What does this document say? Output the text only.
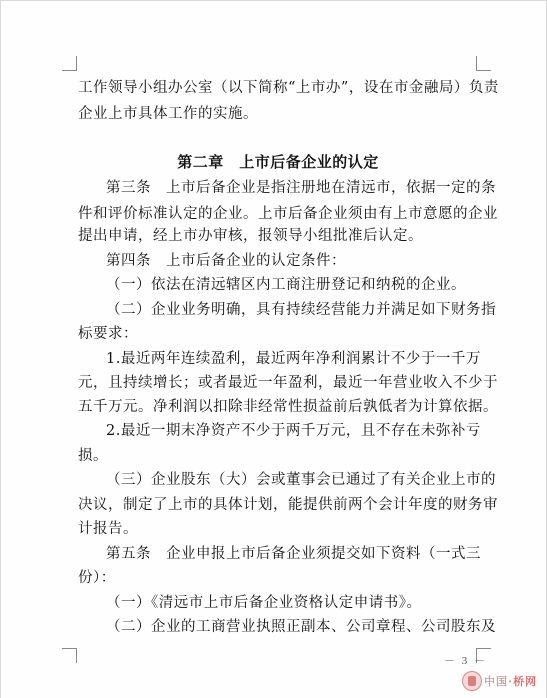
工作领导小组办公室（以下简称“上市办”，设在市金融局）负责
企业上市具体工作的实施。
第二章　上市后备企业的认定
第三条　上市后备企业是指注册地在清远市，依据一定的条
件和评价标准认定的企业。上市后备企业须由有上市意愿的企业
提出申请，经上市办审核，报领导小组批准后认定。
第四条　上市后备企业的认定条件：
（一）依法在清远辖区内工商注册登记和纳税的企业。
（二）企业业务明确，具有持续经营能力并满足如下财务指
标要求：
1.最近两年连续盈利，最近两年净利润累计不少于一千万
元，且持续增长；或者最近一年盈利，最近一年营业收入不少于
五千万元。净利润以扣除非经常性损益前后孰低者为计算依据。
2.最近一期末净资产不少于两千万元，且不存在未弥补亏
损。
（三）企业股东（大）会或董事会已通过了有关企业上市的
决议，制定了上市的具体计划，能提供前两个会计年度的财务审
计报告。
第五条　企业申报上市后备企业须提交如下资料（一式三
份）：
（一）《清远市上市后备企业资格认定申请书》。
（二）企业的工商营业执照正副本、公司章程、公司股东及
－ 3 －
中国·桥网
